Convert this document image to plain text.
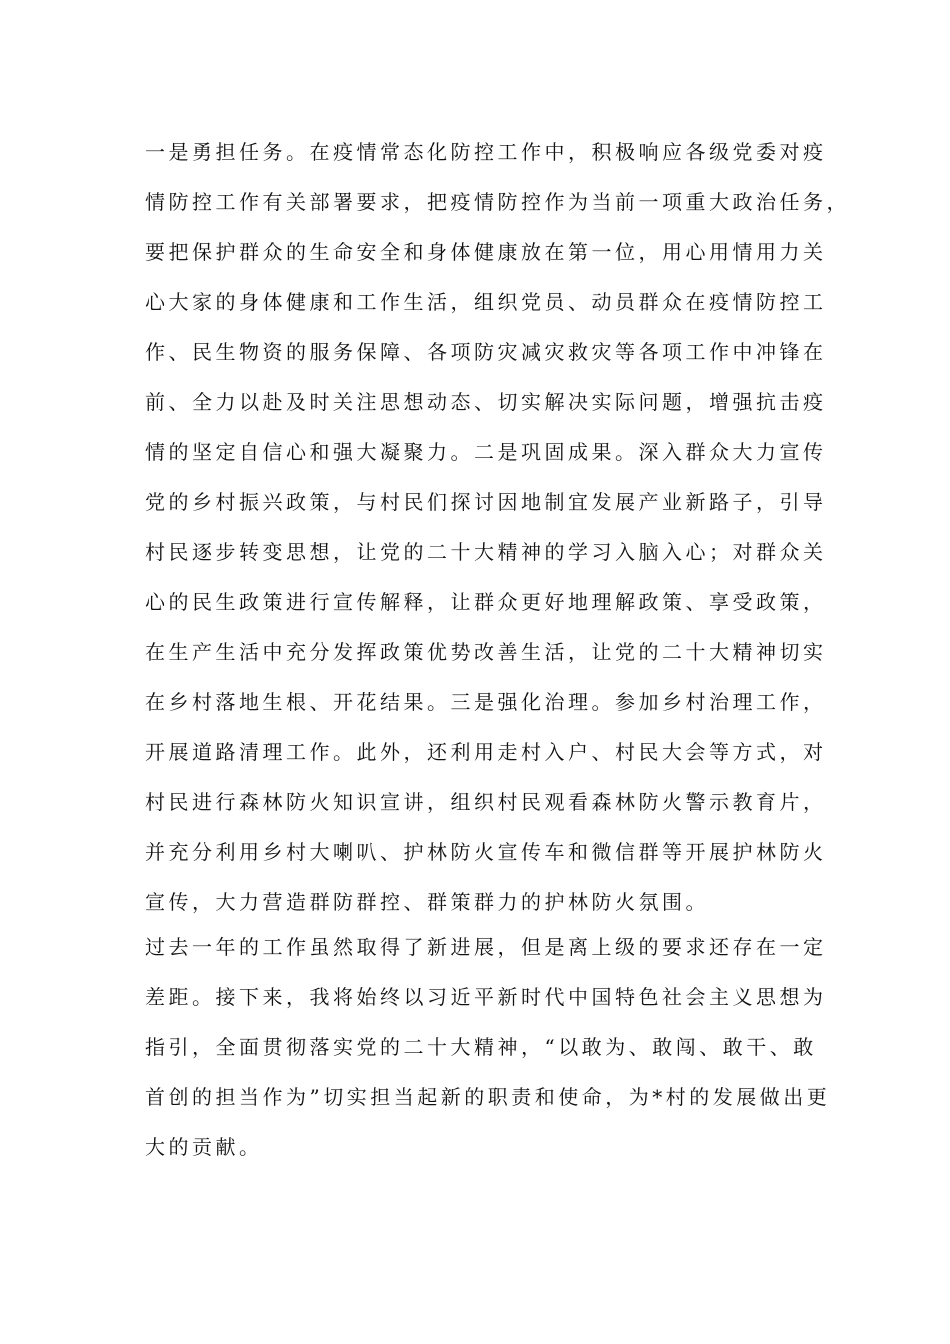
一是勇担任务。在疫情常态化防控工作中，积极响应各级党委对疫
情防控工作有关部署要求，把疫情防控作为当前一项重大政治任务，
要把保护群众的生命安全和身体健康放在第一位，用心用情用力关
心大家的身体健康和工作生活，组织党员、动员群众在疫情防控工
作、民生物资的服务保障、各项防灾减灾救灾等各项工作中冲锋在
前、全力以赴及时关注思想动态、切实解决实际问题，增强抗击疫
情的坚定自信心和强大凝聚力。二是巩固成果。深入群众大力宣传
党的乡村振兴政策，与村民们探讨因地制宜发展产业新路子，引导
村民逐步转变思想，让党的二十大精神的学习入脑入心；对群众关
心的民生政策进行宣传解释，让群众更好地理解政策、享受政策，
在生产生活中充分发挥政策优势改善生活，让党的二十大精神切实
在乡村落地生根、开花结果。三是强化治理。参加乡村治理工作，
开展道路清理工作。此外，还利用走村入户、村民大会等方式，对
村民进行森林防火知识宣讲，组织村民观看森林防火警示教育片，
并充分利用乡村大喇叭、护林防火宣传车和微信群等开展护林防火
宣传，大力营造群防群控、群策群力的护林防火氛围。
过去一年的工作虽然取得了新进展，但是离上级的要求还存在一定
差距。接下来，我将始终以习近平新时代中国特色社会主义思想为
指引，全面贯彻落实党的二十大精神，“以敢为、敢闯、敢干、敢
首创的担当作为”切实担当起新的职责和使命，为*村的发展做出更
大的贡献。
